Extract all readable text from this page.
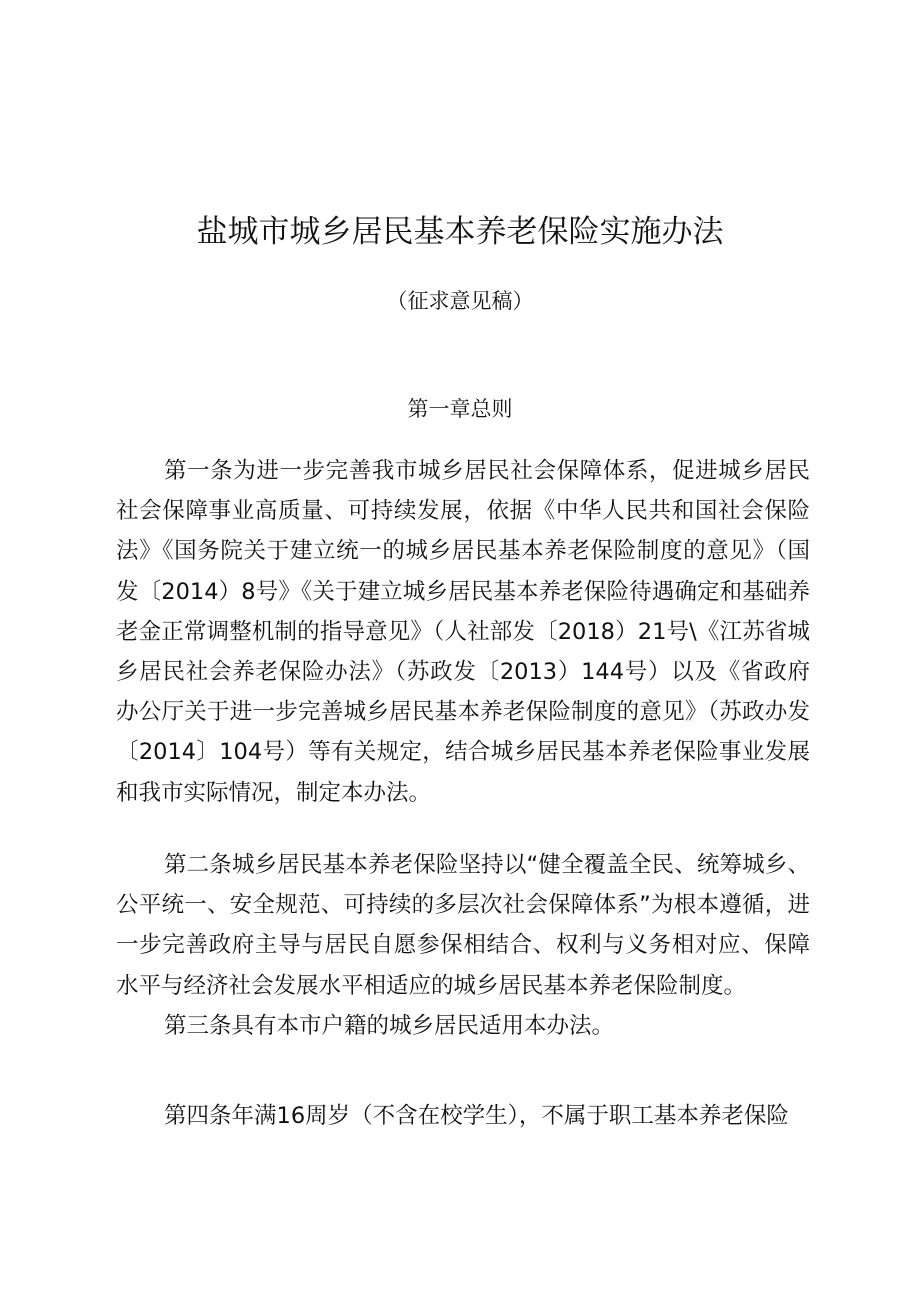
盐城市城乡居民基本养老保险实施办法
（征求意见稿）
第一章总则

第一条为进一步完善我市城乡居民社会保障体系，促进城乡居民社会保障事业高质量、可持续发展，依据《中华人民共和国社会保险法》《国务院关于建立统一的城乡居民基本养老保险制度的意见》（国发〔2014）8号》《关于建立城乡居民基本养老保险待遇确定和基础养老金正常调整机制的指导意见》（人社部发〔2018）21号\《江苏省城乡居民社会养老保险办法》（苏政发〔2013）144号）以及《省政府办公厅关于进一步完善城乡居民基本养老保险制度的意见》（苏政办发〔2014〕104号）等有关规定，结合城乡居民基本养老保险事业发展和我市实际情况，制定本办法。

第二条城乡居民基本养老保险坚持以“健全覆盖全民、统筹城乡、公平统一、安全规范、可持续的多层次社会保障体系”为根本遵循，进一步完善政府主导与居民自愿参保相结合、权利与义务相对应、保障水平与经济社会发展水平相适应的城乡居民基本养老保险制度。

第三条具有本市户籍的城乡居民适用本办法。

第四条年满16周岁（不含在校学生），不属于职工基本养老保险
